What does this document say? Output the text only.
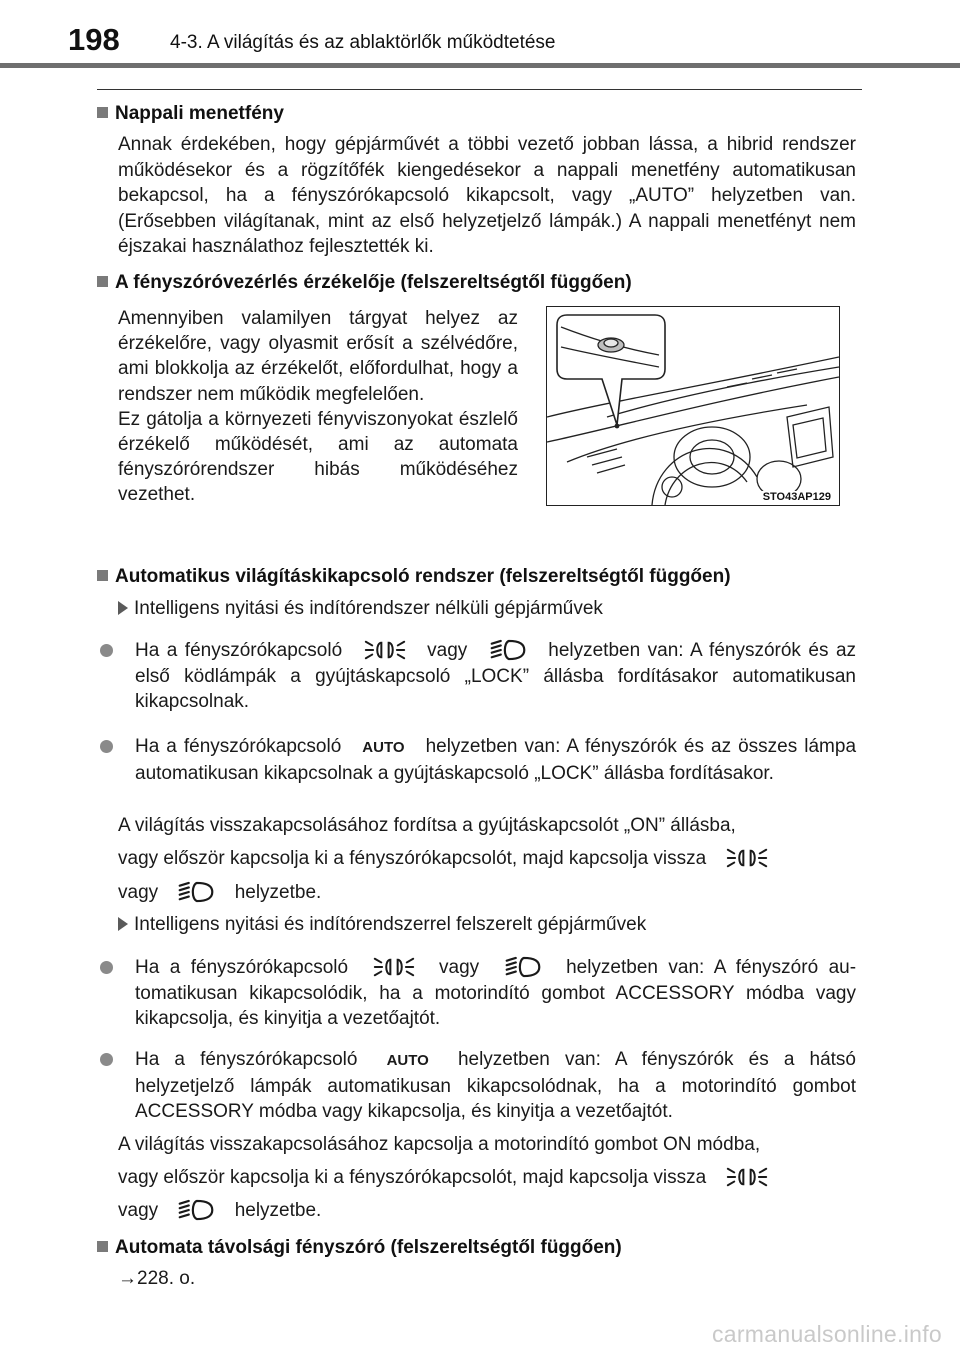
198	4-3. A világítás és az ablaktörlők működtetése
Nappali menetfény
Annak érdekében, hogy gépjárművét a többi vezető jobban lássa, a hibrid rendszer működésekor és a rögzítőfék kiengedésekor a nappali menetfény automatikusan bekapcsol, ha a fényszórókapcsoló kikapcsolt, vagy „AUTO” helyzetben van. (Erősebben világítanak, mint az első helyzetjelző lámpák.) A nappali menetfényt nem éjszakai használathoz fejlesztették ki.
A fényszóróvezérlés érzékelője (felszereltségtől függően)
Amennyiben valamilyen tárgyat helyez az érzékelőre, vagy olyasmit erősít a szélvédőre, ami blokkolja az érzékelőt, előfordulhat, hogy a rendszer nem működik megfelelően.
Ez gátolja a környezeti fényviszonyokat észlelő érzékelő működését, ami az automata fényszórórendszer hibás működéséhez vezethet.	STO43AP129
Automatikus világításkikapcsoló rendszer (felszereltségtől függően)
Intelligens nyitási és indítórendszer nélküli gépjárművek
Ha a fényszórókapcsoló	vagy	helyzetben van: A fényszórók és az első ködlámpák a gyújtáskapcsoló „LOCK” állásba fordításakor automatikusan kikapcsolnak.
Ha a fényszórókapcsoló AUTO helyzetben van: A fényszórók és az összes lámpa automatikusan kikapcsolnak a gyújtáskapcsoló „LOCK” állásba fordításakor.
A világítás visszakapcsolásához fordítsa a gyújtáskapcsolót „ON” állásba,
vagy először kapcsolja ki a fényszórókapcsolót, majd kapcsolja vissza
vagy	helyzetbe.
Intelligens nyitási és indítórendszerrel felszerelt gépjárművek
Ha a fényszórókapcsoló	vagy	helyzetben van: A fényszóró au- tomatikusan kikapcsolódik, ha a motorindító gombot ACCESSORY módba vagy kikapcsolja, és kinyitja a vezetőajtót.
Ha a fényszórókapcsoló AUTO helyzetben van: A fényszórók és a hátsó helyzetjelző lámpák automatikusan kikapcsolódnak, ha a motorindító gombot ACCESSORY módba vagy kikapcsolja, és kinyitja a vezetőajtót.
A világítás visszakapcsolásához kapcsolja a motorindító gombot ON módba,
vagy először kapcsolja ki a fényszórókapcsolót, majd kapcsolja vissza
vagy	helyzetbe.
Automata távolsági fényszóró (felszereltségtől függően)
→228. o.
carmanualsonline.info
